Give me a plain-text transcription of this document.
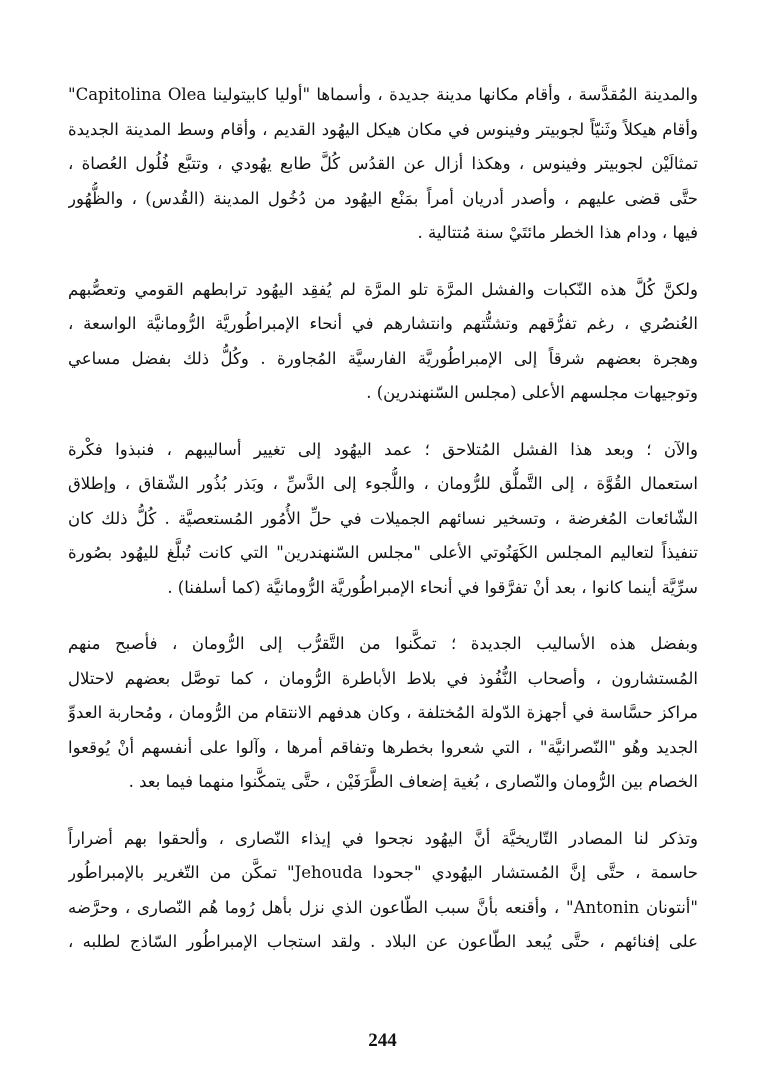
والمدينة المُقدَّسة ، وأقام مكانها مدينة جديدة ، وأسماها "أوليا كابيتولينا Capitolina Olea"
وأقام هيكلاً وثَنيّاً لجوبيتر وفينوس في مكان هيكل اليهُود القديم ، وأقام وسط المدينة الجديدة
تمثالَيْن لجوبيتر وفينوس ، وهكذا أزال عن القدُس كُلَّ طابع يهُودي ، وتتبَّع فُلُول العُصاة ،
حتَّى قضى عليهم ، وأصدر أدريان أمراً بمَنْع اليهُود من دُخُول المدينة (القُدس) ، والظُّهُور
فيها ، ودام هذا الخطر مائتَيْ سنة مُتتالية .
ولكنَّ كُلَّ هذه النّكبات والفشل المرَّة تلو المرَّة لم يُفقِد اليهُود ترابطهم القومي وتعصُّبهم
العُنصُري ، رغم تفرُّقهم وتشتُّتهم وانتشارهم في أنحاء الإمبراطُوريَّة الرُّومانيَّة الواسعة ،
وهجرة بعضهم شرقاً إلى الإمبراطُوريَّة الفارسيَّة المُجاورة . وكُلُّ ذلك بفضل مساعي
وتوجيهات مجلسهم الأعلى (مجلس السّنهندرين) .
والآن ؛ وبعد هذا الفشل المُتلاحق ؛ عمد اليهُود إلى تغيير أساليبهم ، فنبذوا فكْرة
استعمال القُوَّة ، إلى التَّملُّق للرُّومان ، واللُّجوء إلى الدَّسِّ ، وبَذر بُذُور الشّقاق ، وإطلاق
الشّائعات المُغرضة ، وتسخير نسائهم الجميلات في حلِّ الأُمُور المُستعصيَّة . كُلُّ ذلك كان
تنفيذاً لتعاليم المجلس الكَهَنُوتي الأعلى "مجلس السّنهندرين" التي كانت تُبلَّغ لليهُود بصُورة
سرِّيَّة أينما كانوا ، بعد أنْ تفرَّقوا في أنحاء الإمبراطُوريَّة الرُّومانيَّة (كما أسلفنا) .
وبفضل هذه الأساليب الجديدة ؛ تمكَّنوا من التَّقرُّب إلى الرُّومان ، فأصبح منهم
المُستشارون ، وأصحاب النُّفُوذ في بلاط الأباطرة الرُّومان ، كما توصَّل بعضهم لاحتلال
مراكز حسَّاسة في أجهزة الدّولة المُختلفة ، وكان هدفهم الانتقام من الرُّومان ، ومُحاربة العدوِّ
الجديد وهُو "النّصرانيَّة" ، التي شعروا بخطرها وتفاقم أمرها ، وآلوا على أنفسهم أنْ يُوقعوا
الخصام بين الرُّومان والنّصارى ، بُغية إضعاف الطَّرَفَيْن ، حتَّى يتمكَّنوا منهما فيما بعد .
وتذكر لنا المصادر التّاريخيَّة أنَّ اليهُود نجحوا في إيذاء النّصارى ، وألحقوا بهم أضراراً
حاسمة ، حتَّى إنَّ المُستشار اليهُودي "جحودا Jehouda" تمكَّن من التّغرير بالإمبراطُور
"أنتونان Antonin" ، وأقنعه بأنَّ سبب الطّاعون الذي نزل بأهل رُوما هُم النّصارى ، وحرَّضه
على إفنائهم ، حتَّى يُبعد الطّاعون عن البلاد . ولقد استجاب الإمبراطُور السّاذج لطلبه ،
244
